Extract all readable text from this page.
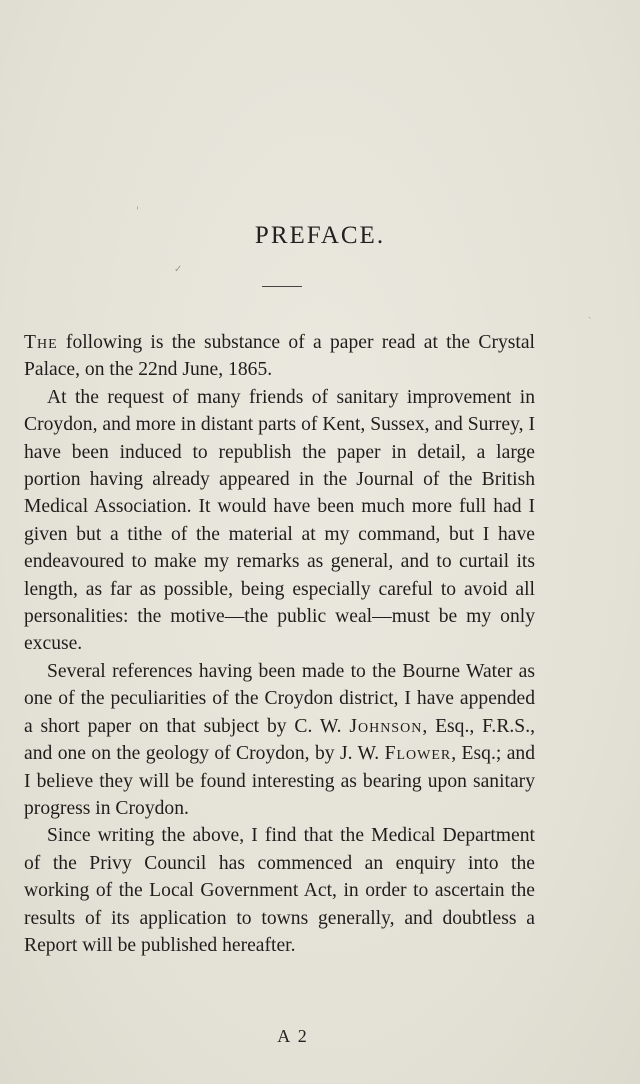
PREFACE.

The following is the substance of a paper read at the Crystal Palace, on the 22nd June, 1865.

At the request of many friends of sanitary improvement in Croydon, and more in distant parts of Kent, Sussex, and Surrey, I have been induced to republish the paper in detail, a large portion having already appeared in the Journal of the British Medical Association. It would have been much more full had I given but a tithe of the material at my command, but I have endeavoured to make my remarks as general, and to curtail its length, as far as possible, being especially careful to avoid all personalities: the motive—the public weal—must be my only excuse.

Several references having been made to the Bourne Water as one of the peculiarities of the Croydon district, I have appended a short paper on that subject by C. W. Johnson, Esq., F.R.S., and one on the geology of Croydon, by J. W. Flower, Esq.; and I believe they will be found interesting as bearing upon sanitary progress in Croydon.

Since writing the above, I find that the Medical Department of the Privy Council has commenced an enquiry into the working of the Local Government Act, in order to ascertain the results of its application to towns generally, and doubtless a Report will be published hereafter.

A 2
'
✓
ˎ
